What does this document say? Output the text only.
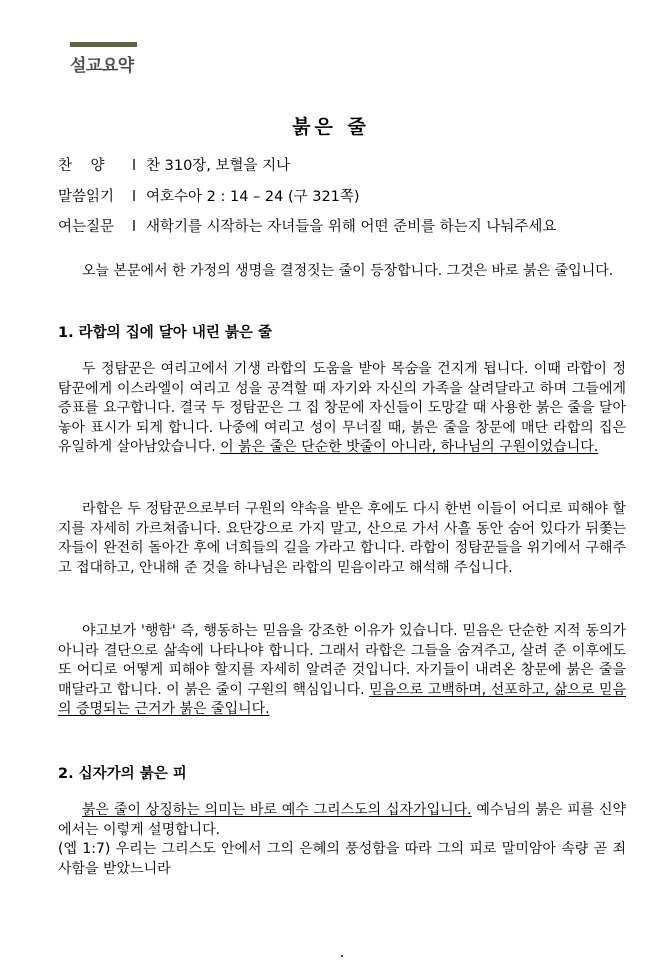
설교요약
붉은 줄
찬    양 l 찬 310장, 보혈을 지나
말씀읽기 l 여호수아 2 : 14 – 24 (구 321쪽)
여는질문 l 새학기를 시작하는 자녀들을 위해 어떤 준비를 하는지 나눠주세요
오늘 본문에서 한 가정의 생명을 결정짓는 줄이 등장합니다. 그것은 바로 붉은 줄입니다.
1. 라합의 집에 달아 내린 붉은 줄
두 정탐꾼은 여리고에서 기생 라합의 도움을 받아 목숨을 건지게 됩니다. 이때 라합이 정탐꾼에게 이스라엘이 여리고 성을 공격할 때 자기와 자신의 가족을 살려달라고 하며 그들에게 증표를 요구합니다. 결국 두 정탐꾼은 그 집 창문에 자신들이 도망갈 때 사용한 붉은 줄을 달아 놓아 표시가 되게 합니다. 나중에 여리고 성이 무너질 때, 붉은 줄을 창문에 매단 라합의 집은 유일하게 살아남았습니다. 이 붉은 줄은 단순한 밧줄이 아니라, 하나님의 구원이었습니다.
라합은 두 정탐꾼으로부터 구원의 약속을 받은 후에도 다시 한번 이들이 어디로 피해야 할지를 자세히 가르쳐줍니다. 요단강으로 가지 말고, 산으로 가서 사흘 동안 숨어 있다가 뒤쫓는 자들이 완전히 돌아간 후에 너희들의 길을 가라고 합니다. 라합이 정탐꾼들을 위기에서 구해주고 접대하고, 안내해 준 것을 하나님은 라합의 믿음이라고 해석해 주십니다.
야고보가 '행함' 즉, 행동하는 믿음을 강조한 이유가 있습니다. 믿음은 단순한 지적 동의가 아니라 결단으로 삶속에 나타나야 합니다. 그래서 라합은 그들을 숨겨주고, 살려 준 이후에도 또 어디로 어떻게 피해야 할지를 자세히 알려준 것입니다. 자기들이 내려온 창문에 붉은 줄을 매달라고 합니다. 이 붉은 줄이 구원의 핵심입니다. 믿음으로 고백하며, 선포하고, 삶으로 믿음의 증명되는 근거가 붉은 줄입니다.
2. 십자가의 붉은 피
붉은 줄이 상징하는 의미는 바로 예수 그리스도의 십자가입니다. 예수님의 붉은 피를 신약에서는 이렇게 설명합니다.
(엡 1:7) 우리는 그리스도 안에서 그의 은혜의 풍성함을 따라 그의 피로 말미암아 속량 곧 죄 사함을 받았느니라
